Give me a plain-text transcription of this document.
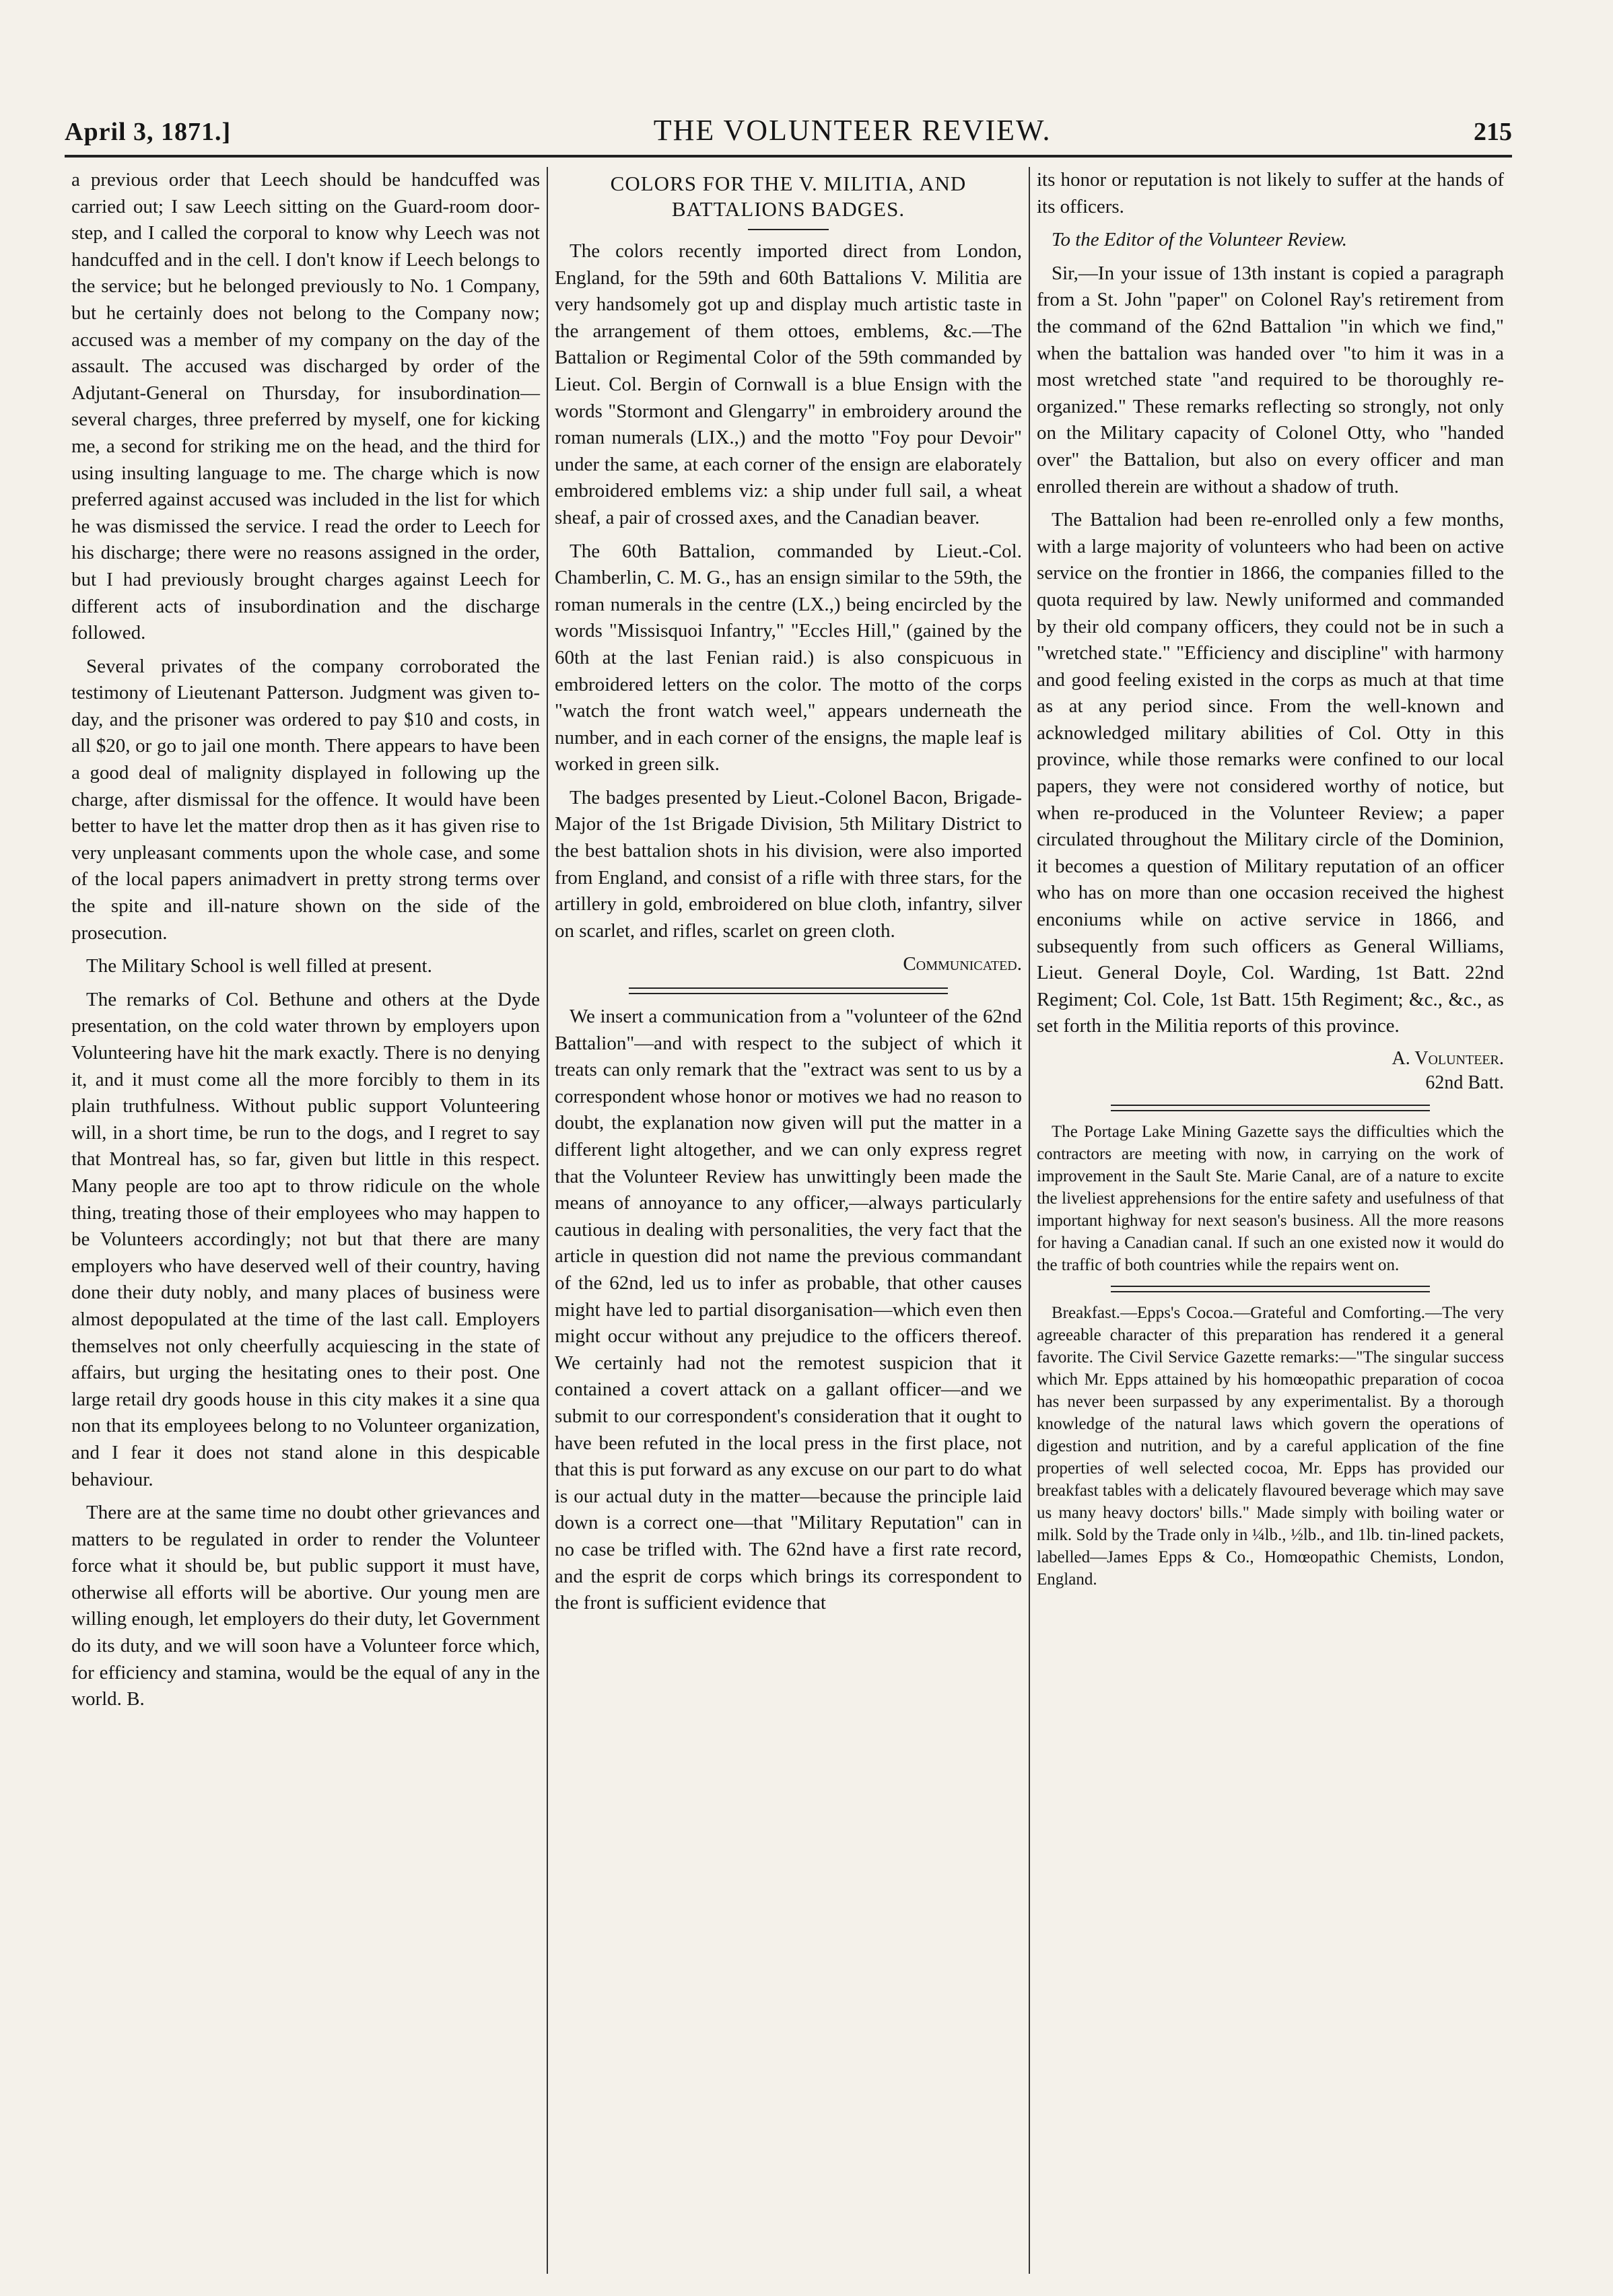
April 3, 1871.]	THE VOLUNTEER REVIEW.	215

a previous order that Leech should be handcuffed was carried out; I saw Leech sitting on the Guard-room door-step, and I called the corporal to know why Leech was not handcuffed and in the cell. I don't know if Leech belongs to the service; but he belonged previously to No. 1 Company, but he certainly does not belong to the Company now; accused was a member of my company on the day of the assault. The accused was discharged by order of the Adjutant-General on Thursday, for insubordination—several charges, three preferred by myself, one for kicking me, a second for striking me on the head, and the third for using insulting language to me. The charge which is now preferred against accused was included in the list for which he was dismissed the service. I read the order to Leech for his discharge; there were no reasons assigned in the order, but I had previously brought charges against Leech for different acts of insubordination and the discharge followed.

Several privates of the company corroborated the testimony of Lieutenant Patterson. Judgment was given to-day, and the prisoner was ordered to pay $10 and costs, in all $20, or go to jail one month. There appears to have been a good deal of malignity displayed in following up the charge, after dismissal for the offence. It would have been better to have let the matter drop then as it has given rise to very unpleasant comments upon the whole case, and some of the local papers animadvert in pretty strong terms over the spite and ill-nature shown on the side of the prosecution.

The Military School is well filled at present.

The remarks of Col. Bethune and others at the Dyde presentation, on the cold water thrown by employers upon Volunteering have hit the mark exactly. There is no denying it, and it must come all the more forcibly to them in its plain truthfulness. Without public support Volunteering will, in a short time, be run to the dogs, and I regret to say that Montreal has, so far, given but little in this respect. Many people are too apt to throw ridicule on the whole thing, treating those of their employees who may happen to be Volunteers accordingly; not but that there are many employers who have deserved well of their country, having done their duty nobly, and many places of business were almost depopulated at the time of the last call. Employers themselves not only cheerfully acquiescing in the state of affairs, but urging the hesitating ones to their post. One large retail dry goods house in this city makes it a sine qua non that its employees belong to no Volunteer organization, and I fear it does not stand alone in this despicable behaviour.

There are at the same time no doubt other grievances and matters to be regulated in order to render the Volunteer force what it should be, but public support it must have, otherwise all efforts will be abortive. Our young men are willing enough, let employers do their duty, let Government do its duty, and we will soon have a Volunteer force which, for efficiency and stamina, would be the equal of any in the world. B.

COLORS FOR THE V. MILITIA, AND BATTALIONS BADGES.

The colors recently imported direct from London, England, for the 59th and 60th Battalions V. Militia are very handsomely got up and display much artistic taste in the arrangement of them ottoes, emblems, &c.—The Battalion or Regimental Color of the 59th commanded by Lieut. Col. Bergin of Cornwall is a blue Ensign with the words "Stormont and Glengarry" in embroidery around the roman numerals (LIX.,) and the motto "Foy pour Devoir" under the same, at each corner of the ensign are elaborately embroidered emblems viz: a ship under full sail, a wheat sheaf, a pair of crossed axes, and the Canadian beaver.

The 60th Battalion, commanded by Lieut.-Col. Chamberlin, C. M. G., has an ensign similar to the 59th, the roman numerals in the centre (LX.,) being encircled by the words "Missisquoi Infantry," "Eccles Hill," (gained by the 60th at the last Fenian raid.) is also conspicuous in embroidered letters on the color. The motto of the corps "watch the front watch weel," appears underneath the number, and in each corner of the ensigns, the maple leaf is worked in green silk.

The badges presented by Lieut.-Colonel Bacon, Brigade-Major of the 1st Brigade Division, 5th Military District to the best battalion shots in his division, were also imported from England, and consist of a rifle with three stars, for the artillery in gold, embroidered on blue cloth, infantry, silver on scarlet, and rifles, scarlet on green cloth.

Communicated.

We insert a communication from a "volunteer of the 62nd Battalion"—and with respect to the subject of which it treats can only remark that the "extract was sent to us by a correspondent whose honor or motives we had no reason to doubt, the explanation now given will put the matter in a different light altogether, and we can only express regret that the Volunteer Review has unwittingly been made the means of annoyance to any officer,—always particularly cautious in dealing with personalities, the very fact that the article in question did not name the previous commandant of the 62nd, led us to infer as probable, that other causes might have led to partial disorganisation—which even then might occur without any prejudice to the officers thereof. We certainly had not the remotest suspicion that it contained a covert attack on a gallant officer—and we submit to our correspondent's consideration that it ought to have been refuted in the local press in the first place, not that this is put forward as any excuse on our part to do what is our actual duty in the matter—because the principle laid down is a correct one—that "Military Reputation" can in no case be trifled with. The 62nd have a first rate record, and the esprit de corps which brings its correspondent to the front is sufficient evidence that

its honor or reputation is not likely to suffer at the hands of its officers.

To the Editor of the Volunteer Review.

Sir,—In your issue of 13th instant is copied a paragraph from a St. John "paper" on Colonel Ray's retirement from the command of the 62nd Battalion "in which we find," when the battalion was handed over "to him it was in a most wretched state "and required to be thoroughly re-organized." These remarks reflecting so strongly, not only on the Military capacity of Colonel Otty, who "handed over" the Battalion, but also on every officer and man enrolled therein are without a shadow of truth.

The Battalion had been re-enrolled only a few months, with a large majority of volunteers who had been on active service on the frontier in 1866, the companies filled to the quota required by law. Newly uniformed and commanded by their old company officers, they could not be in such a "wretched state." "Efficiency and discipline" with harmony and good feeling existed in the corps as much at that time as at any period since. From the well-known and acknowledged military abilities of Col. Otty in this province, while those remarks were confined to our local papers, they were not considered worthy of notice, but when re-produced in the Volunteer Review; a paper circulated throughout the Military circle of the Dominion, it becomes a question of Military reputation of an officer who has on more than one occasion received the highest enconiums while on active service in 1866, and subsequently from such officers as General Williams, Lieut. General Doyle, Col. Warding, 1st Batt. 22nd Regiment; Col. Cole, 1st Batt. 15th Regiment; &c., &c., as set forth in the Militia reports of this province.

A. Volunteer.
62nd Batt.

The Portage Lake Mining Gazette says the difficulties which the contractors are meeting with now, in carrying on the work of improvement in the Sault Ste. Marie Canal, are of a nature to excite the liveliest apprehensions for the entire safety and usefulness of that important highway for next season's business. All the more reasons for having a Canadian canal. If such an one existed now it would do the traffic of both countries while the repairs went on.

Breakfast.—Epps's Cocoa.—Grateful and Comforting.—The very agreeable character of this preparation has rendered it a general favorite. The Civil Service Gazette remarks:—"The singular success which Mr. Epps attained by his homœopathic preparation of cocoa has never been surpassed by any experimentalist. By a thorough knowledge of the natural laws which govern the operations of digestion and nutrition, and by a careful application of the fine properties of well selected cocoa, Mr. Epps has provided our breakfast tables with a delicately flavoured beverage which may save us many heavy doctors' bills." Made simply with boiling water or milk. Sold by the Trade only in ¼lb., ½lb., and 1lb. tin-lined packets, labelled—James Epps & Co., Homœopathic Chemists, London, England.
